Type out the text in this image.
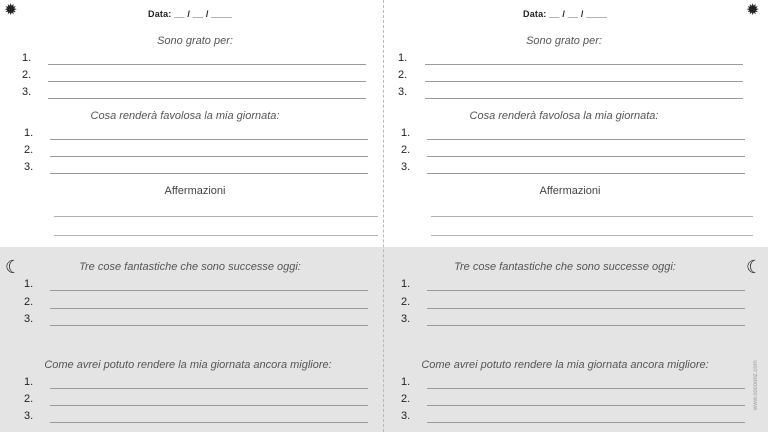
✹	Data: __ / __ / ____
Sono grato per:
1.
2.
3.
Cosa renderà favolosa la mia giornata:
1.
2.
3.
Affermazioni
☾	Tre cose fantastiche che sono successe oggi:
1.
2.
3.
Come avrei potuto rendere la mia giornata ancora migliore:
1.
2.
3.
✹
Data: __ / __ / ____
Sono grato per:
1.
2.
3.
Cosa renderà favolosa la mia giornata:
1.
2.
3.
Affermazioni
☾
Tre cose fantastiche che sono successe oggi:
1.
2.
3.
Come avrei potuto rendere la mia giornata ancora migliore:
1.
2.
3.
www.cocoonz.com
